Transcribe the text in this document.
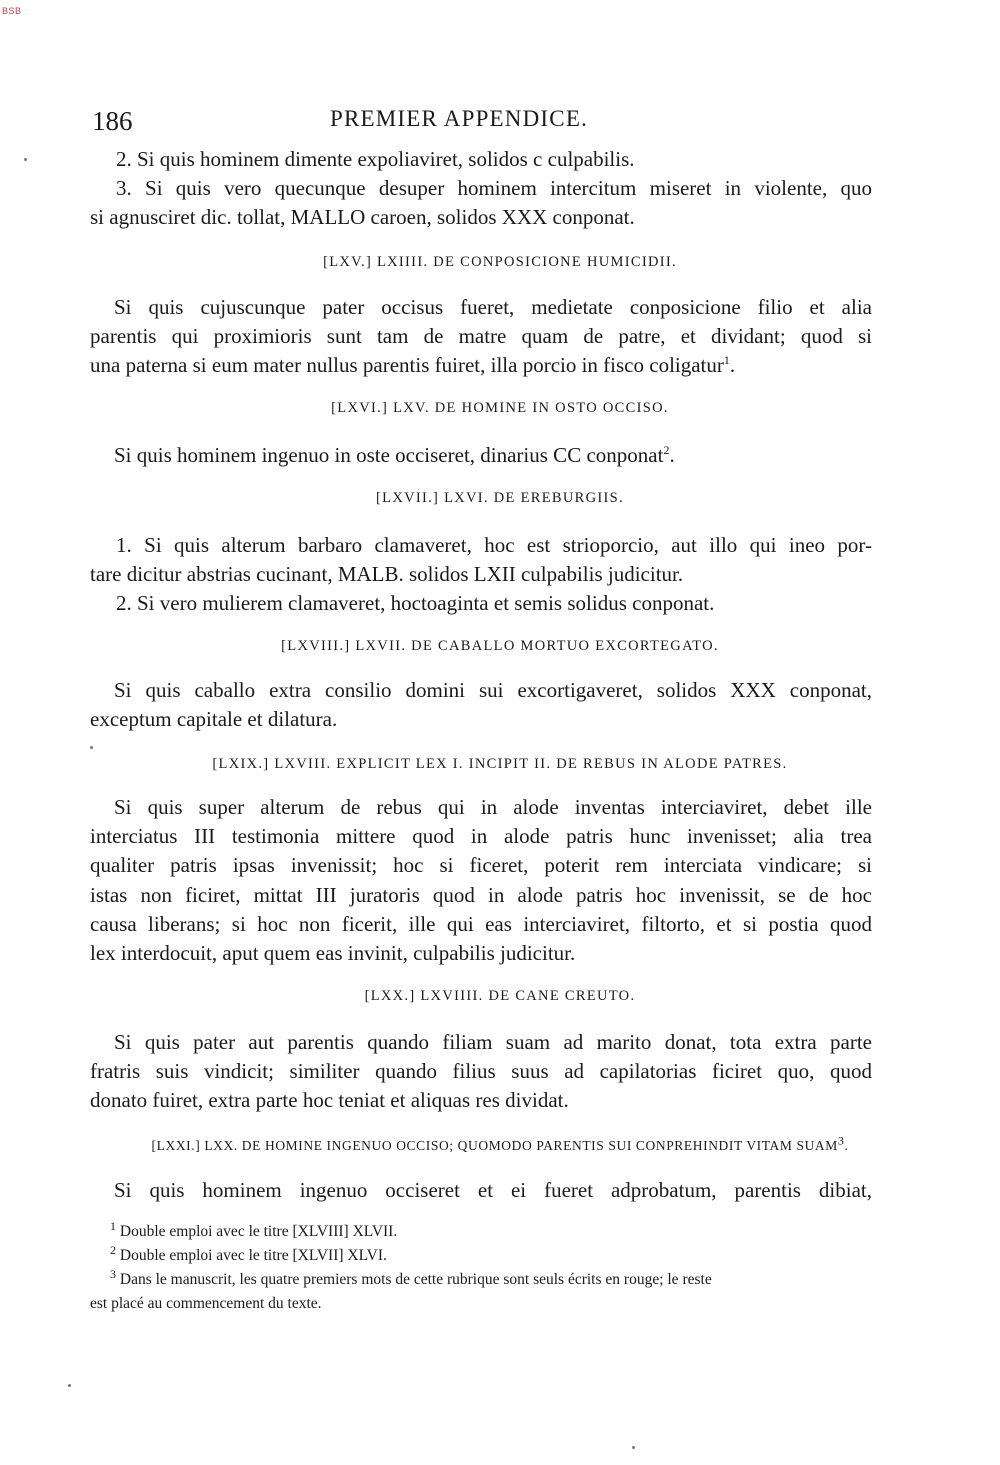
BSB
186	PREMIER APPENDICE.
2. Si quis hominem dimente expoliaviret, solidos c culpabilis.
3. Si quis vero quecunque desuper hominem intercitum miseret in violente, quo
si agnusciret dic. tollat, MALLO caroen, solidos XXX conponat.
[LXV.] LXIIII. DE CONPOSICIONE HUMICIDII.
Si quis cujuscunque pater occisus fueret, medietate conposicione filio et alia
parentis qui proximioris sunt tam de matre quam de patre, et dividant; quod si
una paterna si eum mater nullus parentis fuiret, illa porcio in fisco coligatur$^1$.
[LXVI.] LXV. DE HOMINE IN OSTO OCCISO.
Si quis hominem ingenuo in oste occiseret, dinarius CC conponat$^2$.
[LXVII.] LXVI. DE EREBURGIIS.
1. Si quis alterum barbaro clamaveret, hoc est strioporcio, aut illo qui ineo por-
tare dicitur abstrias cucinant, MALB. solidos LXII culpabilis judicitur.
2. Si vero mulierem clamaveret, hoctoaginta et semis solidus conponat.
[LXVIII.] LXVII. DE CABALLO MORTUO EXCORTEGATO.
Si quis caballo extra consilio domini sui excortigaveret, solidos XXX conponat,
exceptum capitale et dilatura.
[LXIX.] LXVIII. EXPLICIT LEX I. INCIPIT II. DE REBUS IN ALODE PATRES.
Si quis super alterum de rebus qui in alode inventas interciaviret, debet ille
interciatus III testimonia mittere quod in alode patris hunc invenisset; alia trea
qualiter patris ipsas invenissit; hoc si ficeret, poterit rem interciata vindicare; si
istas non ficiret, mittat III juratoris quod in alode patris hoc invenissit, se de hoc
causa liberans; si hoc non ficerit, ille qui eas interciaviret, filtorto, et si postia quod
lex interdocuit, aput quem eas invinit, culpabilis judicitur.
[LXX.] LXVIIII. DE CANE CREUTO.
Si quis pater aut parentis quando filiam suam ad marito donat, tota extra parte
fratris suis vindicit; similiter quando filius suus ad capilatorias ficiret quo, quod
donato fuiret, extra parte hoc teniat et aliquas res dividat.
[LXXI.] LXX. DE HOMINE INGENUO OCCISO; QUOMODO PARENTIS SUI CONPREHINDIT VITAM SUAM$^3$.
Si quis hominem ingenuo occiseret et ei fueret adprobatum, parentis dibiat,
$^1$ Double emploi avec le titre [XLVIII] XLVII.
$^2$ Double emploi avec le titre [XLVII] XLVI.
$^3$ Dans le manuscrit, les quatre premiers mots de cette rubrique sont seuls écrits en rouge; le reste
est placé au commencement du texte.
